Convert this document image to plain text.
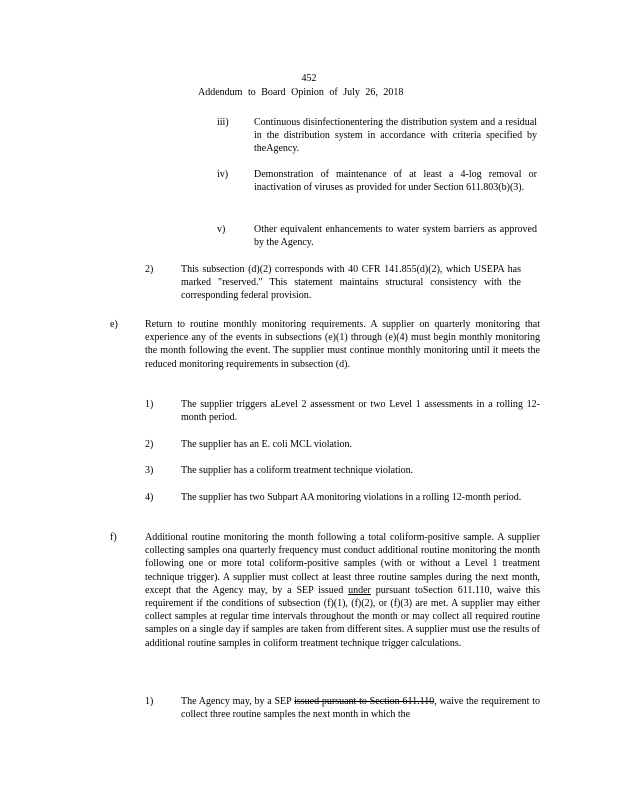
452
Addendum to Board Opinion of July 26, 2018
iii)	Continuous disinfectionentering the distribution system and a residual in the distribution system in accordance with criteria specified by theAgency.
iv)	Demonstration of maintenance of at least a 4-log removal or inactivation of viruses as provided for under Section 611.803(b)(3).
v)	Other equivalent enhancements to water system barriers as approved by the Agency.
2)	This subsection (d)(2) corresponds with 40 CFR 141.855(d)(2), which USEPA has marked "reserved." This statement maintains structural consistency with the corresponding federal provision.
e)	Return to routine monthly monitoring requirements. A supplier on quarterly monitoring that experience any of the events in subsections (e)(1) through (e)(4) must begin monthly monitoring the month following the event. The supplier must continue monthly monitoring until it meets the reduced monitoring requirements in subsection (d).
1)	The supplier triggers aLevel 2 assessment or two Level 1 assessments in a rolling 12-month period.
2)	The supplier has an E. coli MCL violation.
3)	The supplier has a coliform treatment technique violation.
4)	The supplier has two Subpart AA monitoring violations in a rolling 12-month period.
f)	Additional routine monitoring the month following a total coliform-positive sample. A supplier collecting samples ona quarterly frequency must conduct additional routine monitoring the month following one or more total coliform-positive samples (with or without a Level 1 treatment technique trigger). A supplier must collect at least three routine samples during the next month, except that the Agency may, by a SEP issued under pursuant toSection 611.110, waive this requirement if the conditions of subsection (f)(1), (f)(2), or (f)(3) are met. A supplier may either collect samples at regular time intervals throughout the month or may collect all required routine samples on a single day if samples are taken from different sites. A supplier must use the results of additional routine samples in coliform treatment technique trigger calculations.
1)	The Agency may, by a SEP issued pursuant to Section 611.110, waive the requirement to collect three routine samples the next month in which the
